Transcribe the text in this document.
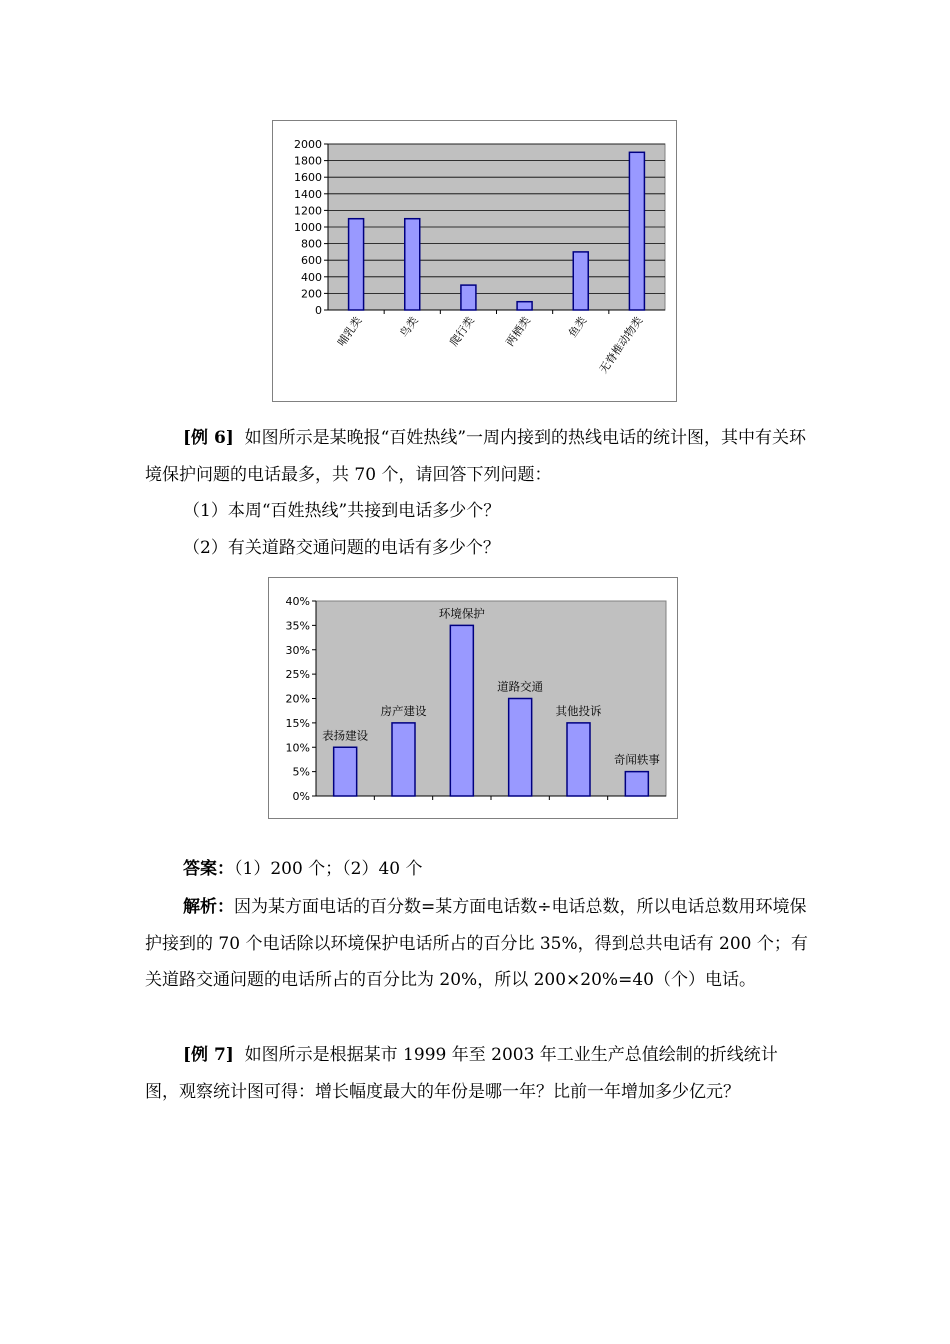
0
200
400
600
800
1000
1200
1400
1600
1800
2000
哺乳类	鸟类 爬行类 两栖类	鱼类 无脊椎动物类
[例 6] 如图所示是某晚报“百姓热线”一周内接到的热线电话的统计图，其中有关环境保护问题的电话最多，共 70 个，请回答下列问题：
（1）本周“百姓热线”共接到电话多少个？
（2）有关道路交通问题的电话有多少个？
0%
5%
10%
15%
20%
25%
30%
35%
40%
表扬建设
房产建设
环境保护
道路交通
其他投诉
奇闻轶事
答案：（1）200 个；（2）40 个
解析：因为某方面电话的百分数=某方面电话数÷电话总数，所以电话总数用环境保护接到的 70 个电话除以环境保护电话所占的百分比 35%，得到总共电话有 200 个；有关道路交通问题的电话所占的百分比为 20%，所以 200×20%=40（个）电话。
[例 7] 如图所示是根据某市 1999 年至 2003 年工业生产总值绘制的折线统计图，观察统计图可得：增长幅度最大的年份是哪一年？比前一年增加多少亿元？
